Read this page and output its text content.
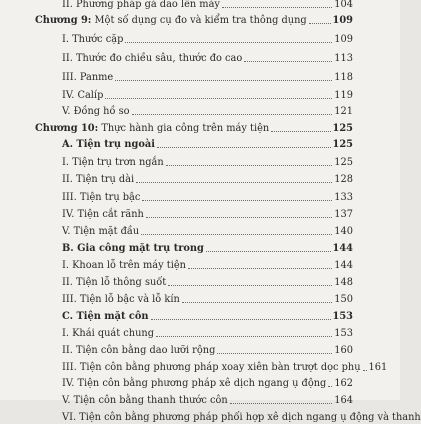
II. Phương pháp gá dao lên máy	104
Chương 9: Một số dụng cụ đo và kiểm tra thông dụng	109
I. Thước cặp	109
II. Thước đo chiều sâu, thước đo cao	113
III. Panme	118
IV. Calíp	119
V. Đồng hồ so	121
Chương 10: Thực hành gia công trên máy tiện	125
A. Tiện trụ ngoài	125
I. Tiện trụ trơn ngắn	125
II. Tiện trụ dài	128
III. Tiện trụ bậc	133
IV. Tiện cắt rãnh	137
V. Tiện mặt đầu	140
B. Gia công mặt trụ trong	144
I. Khoan lỗ trên máy tiện	144
II. Tiện lỗ thông suốt	148
III. Tiện lỗ bậc và lỗ kín	150
C. Tiện mặt côn	153
I. Khái quát chung	153
II. Tiện côn bằng dao lưỡi rộng	160
III. Tiện côn bằng phương pháp xoay xiên bàn trượt dọc phụ 161
IV. Tiện côn bằng phương pháp xê dịch ngang ụ động 162
V. Tiện côn bằng thanh thước côn	164
VI. Tiện côn bằng phương pháp phối hợp xê dịch ngang ụ động và thanh
